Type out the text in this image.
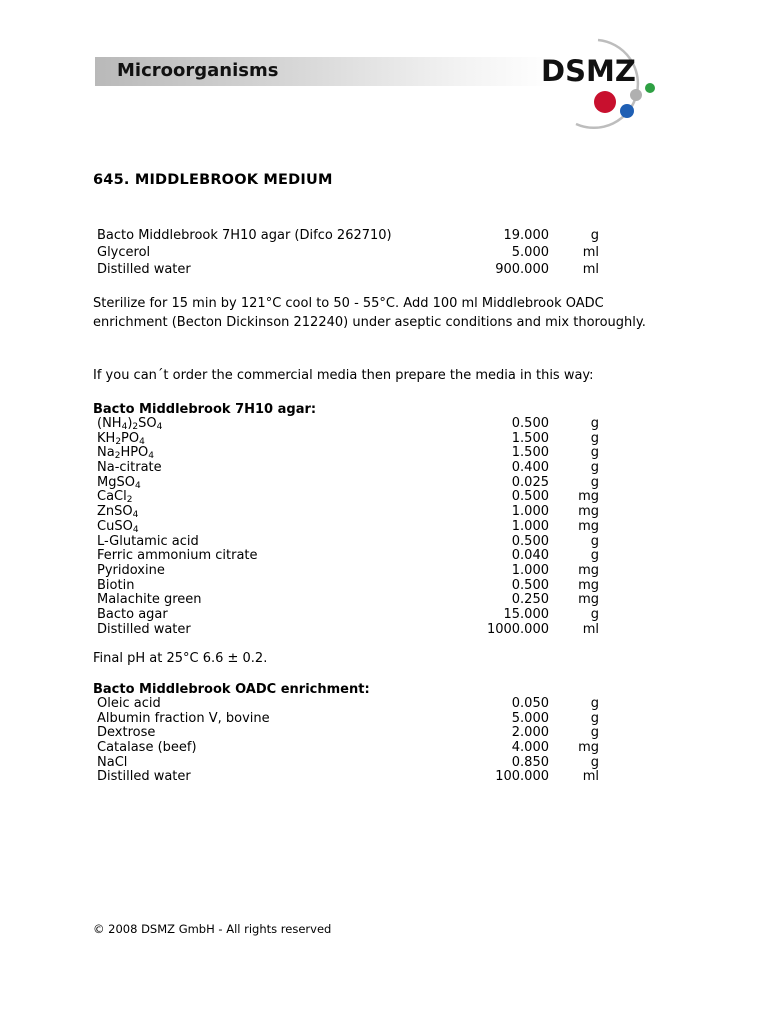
Microorganisms	DSMZ
645. MIDDLEBROOK MEDIUM
Bacto Middlebrook 7H10 agar (Difco 262710)	19.000	g
Glycerol	5.000	ml
Distilled water	900.000	ml
Sterilize for 15 min by 121°C cool to 50 - 55°C. Add 100 ml Middlebrook OADC
enrichment (Becton Dickinson 212240) under aseptic conditions and mix thoroughly.
If you can´t order the commercial media then prepare the media in this way:
Bacto Middlebrook 7H10 agar:
$(NH_4)_2SO_4$	0.500	g
$KH_2PO_4$	1.500	g
$Na_2HPO_4$	1.500	g
Na-citrate	0.400	g
MgSO$_4$	0.025	g
CaCl$_2$	0.500 mg
ZnSO$_4$	1.000 mg
CuSO$_4$	1.000 mg
L-Glutamic acid	0.500	g
Ferric ammonium citrate	0.040	g
Pyridoxine	1.000 mg
Biotin	0.500 mg
Malachite green	0.250 mg
Bacto agar	15.000	g
Distilled water	1000.000	ml
Final pH at 25°C 6.6 ± 0.2.
Bacto Middlebrook OADC enrichment:
Oleic acid	0.050	g
Albumin fraction V, bovine	5.000	g
Dextrose	2.000	g
Catalase (beef)	4.000 mg
NaCl	0.850	g
Distilled water	100.000	ml
© 2008 DSMZ GmbH - All rights reserved
